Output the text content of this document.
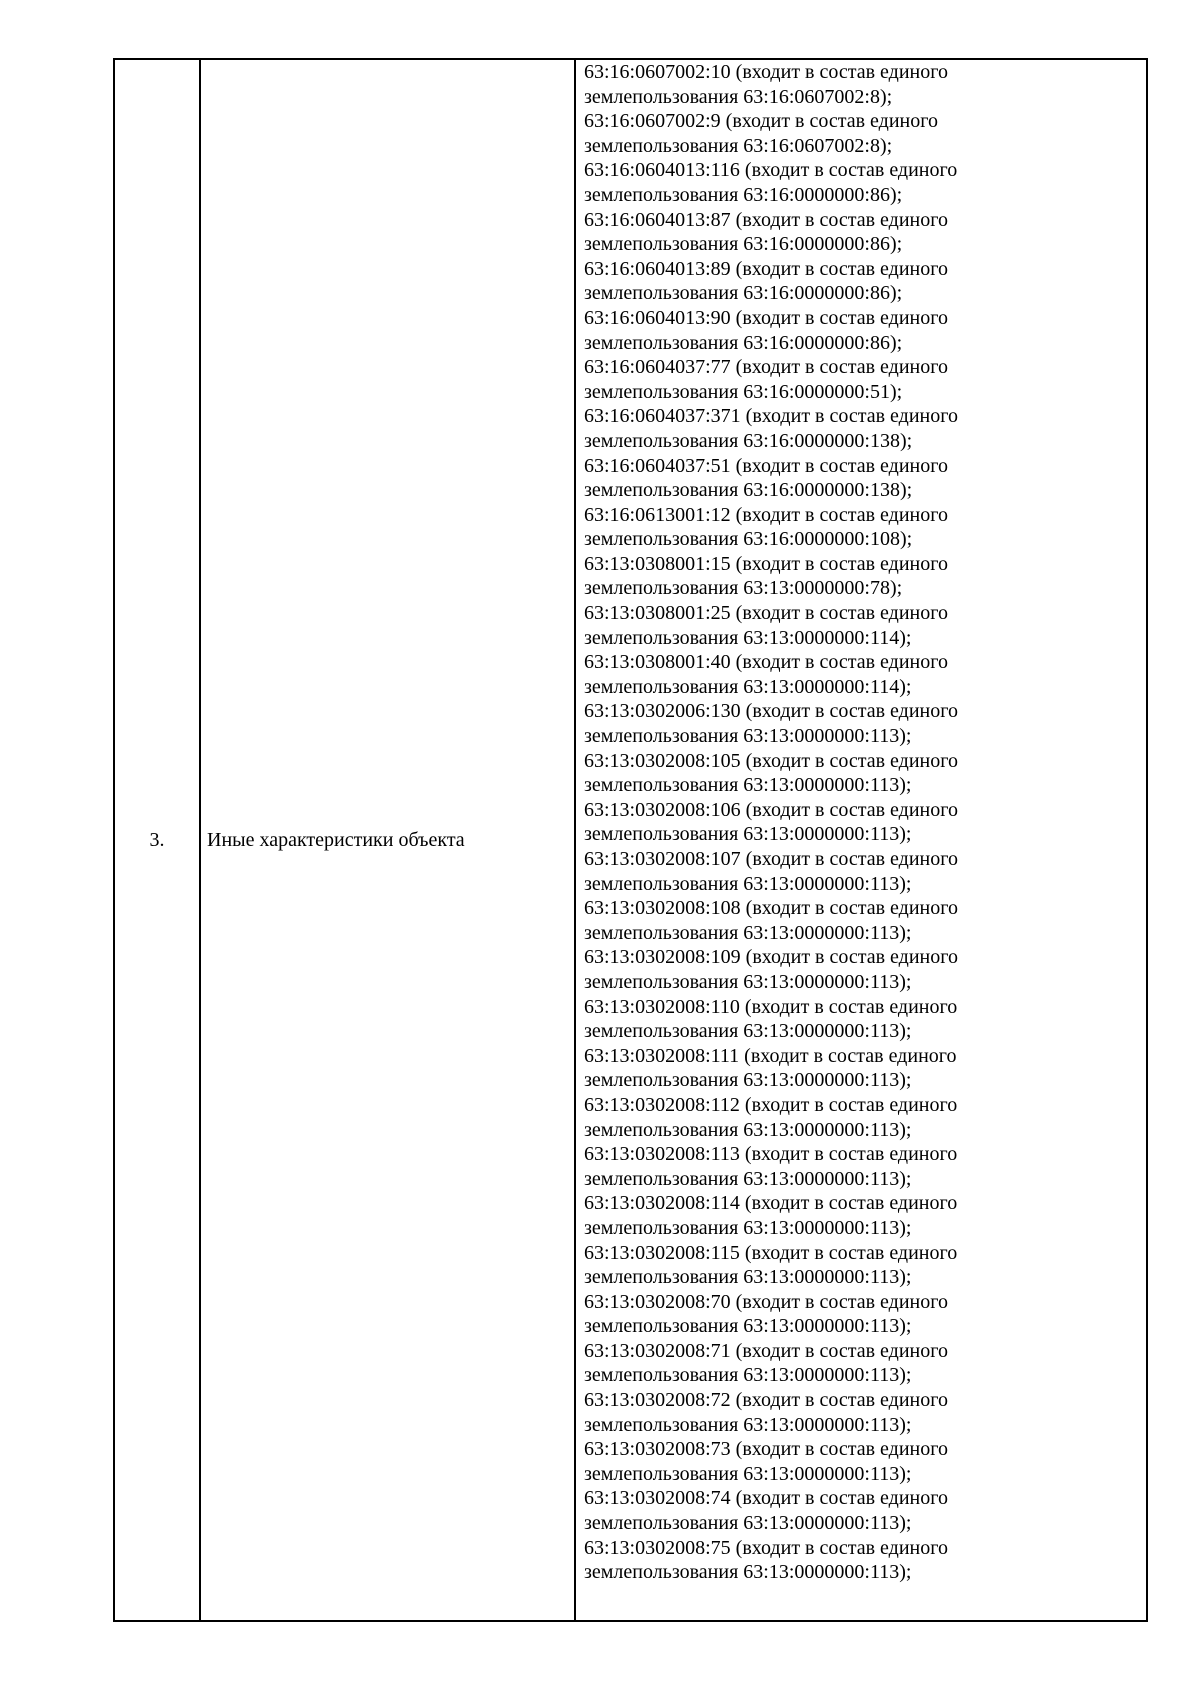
3. Иные характеристики объекта

63:16:0607002:10 (входит в состав единого
землепользования 63:16:0607002:8);

63:16:0607002:9 (входит в состав единого
землепользования 63:16:0607002:8);

63:16:0604013:116 (входит в состав единого
землепользования 63:16:0000000:86);

63:16:0604013:87 (входит в состав единого
землепользования 63:16:0000000:86);

63:16:0604013:89 (входит в состав единого
землепользования 63:16:0000000:86);

63:16:0604013:90 (входит в состав единого
землепользования 63:16:0000000:86);

63:16:0604037:77 (входит в состав единого
землепользования 63:16:0000000:51);

63:16:0604037:371 (входит в состав единого
землепользования 63:16:0000000:138);

63:16:0604037:51 (входит в состав единого
землепользования 63:16:0000000:138);

63:16:0613001:12 (входит в состав единого
землепользования 63:16:0000000:108);

63:13:0308001:15 (входит в состав единого
землепользования 63:13:0000000:78);

63:13:0308001:25 (входит в состав единого
землепользования 63:13:0000000:114);

63:13:0308001:40 (входит в состав единого
землепользования 63:13:0000000:114);

63:13:0302006:130 (входит в состав единого
землепользования 63:13:0000000:113);

63:13:0302008:105 (входит в состав единого
землепользования 63:13:0000000:113);

63:13:0302008:106 (входит в состав единого
землепользования 63:13:0000000:113);

63:13:0302008:107 (входит в состав единого
землепользования 63:13:0000000:113);

63:13:0302008:108 (входит в состав единого
землепользования 63:13:0000000:113);

63:13:0302008:109 (входит в состав единого
землепользования 63:13:0000000:113);

63:13:0302008:110 (входит в состав единого
землепользования 63:13:0000000:113);

63:13:0302008:111 (входит в состав единого
землепользования 63:13:0000000:113);

63:13:0302008:112 (входит в состав единого
землепользования 63:13:0000000:113);

63:13:0302008:113 (входит в состав единого
землепользования 63:13:0000000:113);

63:13:0302008:114 (входит в состав единого
землепользования 63:13:0000000:113);

63:13:0302008:115 (входит в состав единого
землепользования 63:13:0000000:113);

63:13:0302008:70 (входит в состав единого
землепользования 63:13:0000000:113);

63:13:0302008:71 (входит в состав единого
землепользования 63:13:0000000:113);

63:13:0302008:72 (входит в состав единого
землепользования 63:13:0000000:113);

63:13:0302008:73 (входит в состав единого
землепользования 63:13:0000000:113);

63:13:0302008:74 (входит в состав единого
землепользования 63:13:0000000:113);

63:13:0302008:75 (входит в состав единого
землепользования 63:13:0000000:113);
